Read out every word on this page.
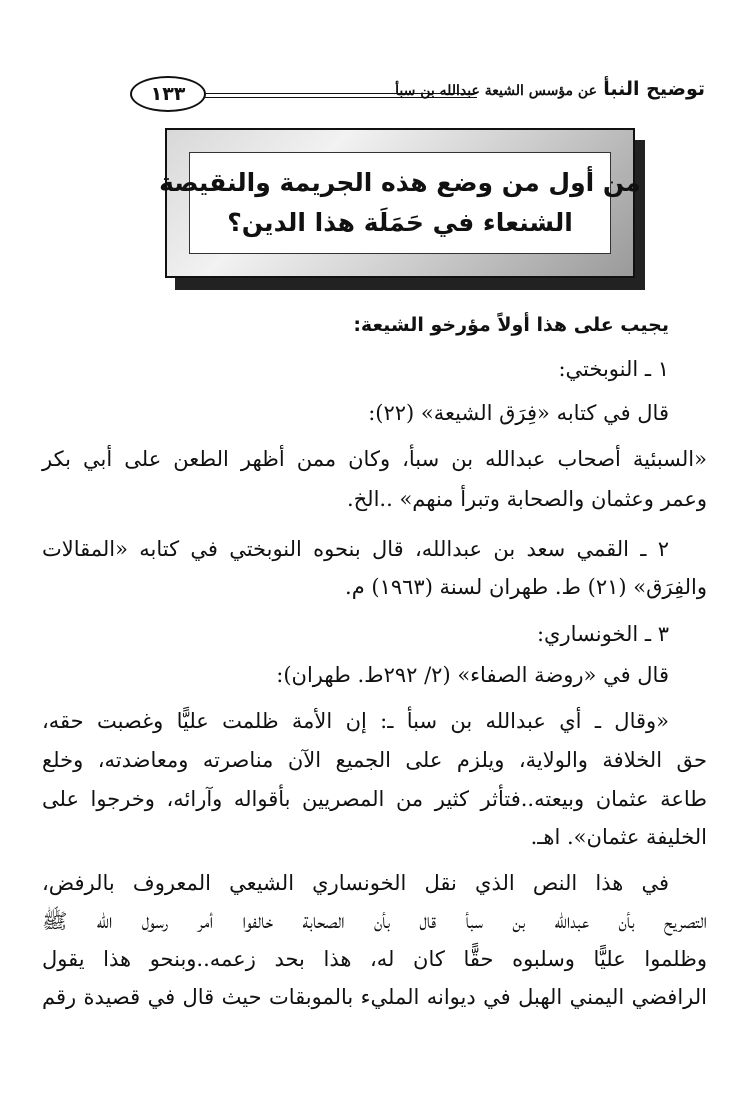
توضيح النبأ عن مؤسس الشيعة عبدالله بن سبأ
١٣٣
من أول من وضع هذه الجريمة والنقيصة
الشنعاء في حَمَلَة هذا الدين؟
يجيب على هذا أولاً مؤرخو الشيعة:
١ ـ النوبختي:
قال في كتابه «فِرَق الشيعة» (٢٢):
«السبئية أصحاب عبدالله بن سبأ، وكان ممن أظهر الطعن على أبي بكر
وعمر وعثمان والصحابة وتبرأ منهم» ..الخ.
٢ ـ القمي سعد بن عبدالله، قال بنحوه النوبختي في كتابه «المقالات
والفِرَق» (٢١) ط. طهران لسنة (١٩٦٣) م.
٣ ـ الخونساري:
قال في «روضة الصفاء» (٢/ ٢٩٢ط. طهران):
«وقال ـ أي عبدالله بن سبأ ـ: إن الأمة ظلمت عليًّا وغصبت حقه،
حق الخلافة والولاية، ويلزم على الجميع الآن مناصرته ومعاضدته، وخلع
طاعة عثمان وبيعته..فتأثر كثير من المصريين بأقواله وآرائه، وخرجوا على
الخليفة عثمان». اهـ.
في هذا النص الذي نقل الخونساري الشيعي المعروف بالرفض،
التصريح بأن عبدالله بن سبأ قال بأن الصحابة خالفوا أمر رسول الله ﷺ
وظلموا عليًّا وسلبوه حقًّا كان له، هذا بحد زعمه..وبنحو هذا يقول
الرافضي اليمني الهبل في ديوانه المليء بالموبقات حيث قال في قصيدة رقم
